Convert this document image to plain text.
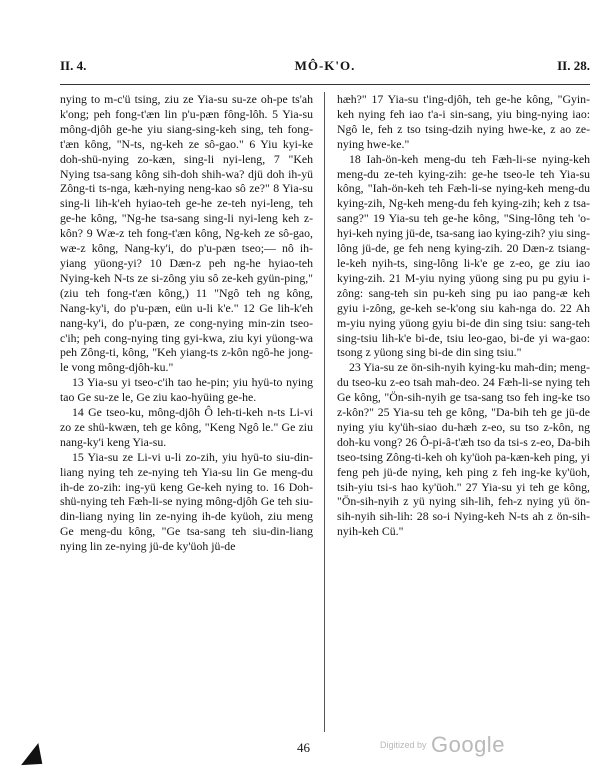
II. 4.	MÔ-K'O.	II. 28.

nying to m-c'ü tsing, ziu ze Yia-su su-ze oh-pe ts'ah k'ong; peh fong-t'æn lin p'u-pæn fông-lôh. 5 Yia-su mông-djôh ge-he yiu siang-sing-keh sing, teh fong-t'æn kông, "N-ts, ng-keh ze sô-gao." 6 Yiu kyi-ke doh-shü-nying zo-kæn, sing-li nyi-leng, 7 "Keh Nying tsa-sang kông sih-doh shih-wa? djü doh ih-yü Zông-ti ts-nga, kæh-nying neng-kao sô ze?" 8 Yia-su sing-li lih-k'eh hyiao-teh ge-he ze-teh nyi-leng, teh ge-he kông, "Ng-he tsa-sang sing-li nyi-leng keh z-kôn? 9 Wæ-z teh fong-t'æn kông, Ng-keh ze sô-gao, wæ-z kông, Nang-ky'i, do p'u-pæn tseo;— nô ih-yiang yüong-yi? 10 Dæn-z peh ng-he hyiao-teh Nying-keh N-ts ze si-zông yiu sô ze-keh gyün-ping," (ziu teh fong-t'æn kông,) 11 "Ngô teh ng kông, Nang-ky'i, do p'u-pæn, eün u-li k'e." 12 Ge lih-k'eh nang-ky'i, do p'u-pæn, ze cong-nying min-zin tseo-c'ih; peh cong-nying ting gyi-kwa, ziu kyi yüong-wa peh Zông-ti, kông, "Keh yiang-ts z-kôn ngô-he jong-le vong mông-djôh-ku."

13 Yia-su yi tseo-c'ih tao he-pin; yiu hyü-to nying tao Ge su-ze le, Ge ziu kao-hyüing ge-he.

14 Ge tseo-ku, mông-djôh Ô leh-ti-keh n-ts Li-vi zo ze shü-kwæn, teh ge kông, "Keng Ngô le." Ge ziu nang-ky'i keng Yia-su.

15 Yia-su ze Li-vi u-li zo-zih, yiu hyü-to siu-din-liang nying teh ze-nying teh Yia-su lin Ge meng-du ih-de zo-zih: ing-yü keng Ge-keh nying to. 16 Doh-shü-nying teh Fæh-li-se nying mông-djôh Ge teh siu-din-liang nying lin ze-nying ih-de kyüoh, ziu meng Ge meng-du kông, "Ge tsa-sang teh siu-din-liang nying lin ze-nying jü-de ky'üoh jü-de

hæh?" 17 Yia-su t'ing-djôh, teh ge-he kông, "Gyin-keh nying feh iao t'a-i sin-sang, yiu bing-nying iao: Ngô le, feh z tso tsing-dzih nying hwe-ke, z ao ze-nying hwe-ke."

18 Iah-ön-keh meng-du teh Fæh-li-se nying-keh meng-du ze-teh kying-zih: ge-he tseo-le teh Yia-su kông, "Iah-ön-keh teh Fæh-li-se nying-keh meng-du kying-zih, Ng-keh meng-du feh kying-zih; keh z tsa-sang?" 19 Yia-su teh ge-he kông, "Sing-lông teh 'o-hyi-keh nying jü-de, tsa-sang iao kying-zih? yiu sing-lông jü-de, ge feh neng kying-zih. 20 Dæn-z tsiang-le-keh nyih-ts, sing-lông li-k'e ge z-eo, ge ziu iao kying-zih. 21 M-yiu nying yüong sing pu pu gyiu i-zông: sang-teh sin pu-keh sing pu iao pang-æ keh gyiu i-zông, ge-keh se-k'ong siu kah-nga do. 22 Ah m-yiu nying yüong gyiu bi-de din sing tsiu: sang-teh sing-tsiu lih-k'e bi-de, tsiu leo-gao, bi-de yi wa-gao: tsong z yüong sing bi-de din sing tsiu."

23 Yia-su ze ön-sih-nyih kying-ku mah-din; meng-du tseo-ku z-eo tsah mah-deo. 24 Fæh-li-se nying teh Ge kông, "Ön-sih-nyih ge tsa-sang tso feh ing-ke tso z-kôn?" 25 Yia-su teh ge kông, "Da-bih teh ge jü-de nying yiu ky'üh-siao du-hæh z-eo, su tso z-kôn, ng doh-ku vong? 26 Ô-pi-â-t'æh tso da tsi-s z-eo, Da-bih tseo-tsing Zông-ti-keh oh ky'üoh pa-kæn-keh ping, yi feng peh jü-de nying, keh ping z feh ing-ke ky'üoh, tsih-yiu tsi-s hao ky'üoh." 27 Yia-su yi teh ge kông, "Ön-sih-nyih z yü nying sih-lih, feh-z nying yü ön-sih-nyih sih-lih: 28 so-i Nying-keh N-ts ah z ön-sih-nyih-keh Cü."

46	Digitized by Google
